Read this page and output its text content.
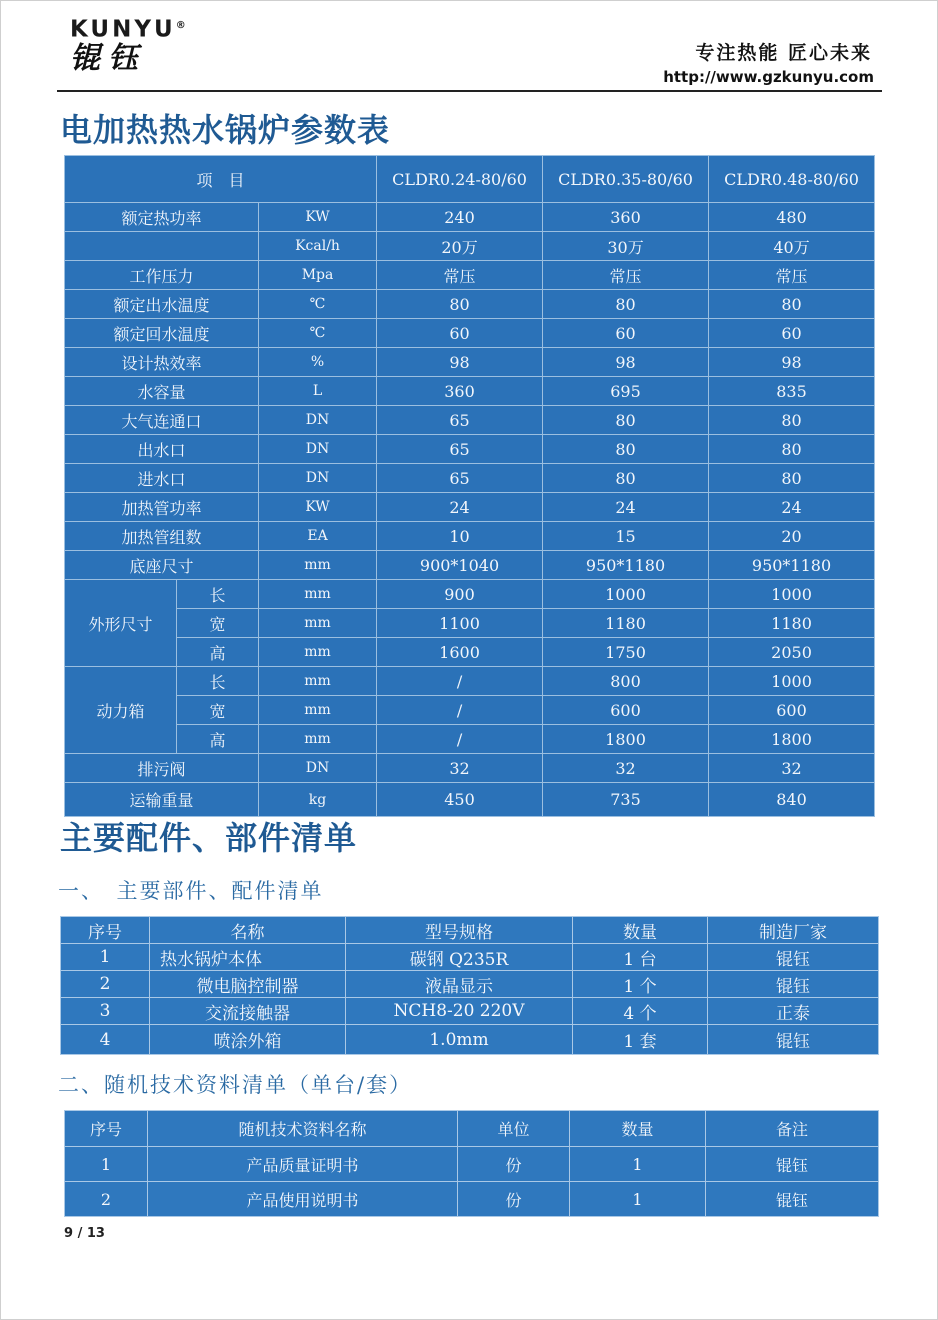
KUNYU®
锟钰	专注热能 匠心未来
http://www.gzkunyu.com
电加热热水锅炉参数表
项　目			CLDR0.24-80/60	CLDR0.35-80/60	CLDR0.48-80/60
额定热功率		KW	240	360	480
		Kcal/h	20万	30万	40万
工作压力		Mpa	常压	常压	常压
额定出水温度		℃	80	80	80
额定回水温度		℃	60	60	60
设计热效率		%	98	98	98
水容量		L	360	695	835
大气连通口		DN	65	80	80
出水口		DN	65	80	80
进水口		DN	65	80	80
加热管功率		KW	24	24	24
加热管组数		EA	10	15	20
底座尺寸		mm	900*1040	950*1180	950*1180
外形尺寸	长	mm	900	1000	1000
	宽	mm	1100	1180	1180
	高	mm	1600	1750	2050
动力箱	长	mm	/	800	1000
	宽	mm	/	600	600
	高	mm	/	1800	1800
排污阀		DN	32	32	32
运输重量		kg	450	735	840
主要配件、部件清单
一、　主要部件、配件清单
序号	名称	型号规格	数量	制造厂家
1	热水锅炉本体	碳钢 Q235R	1 台	锟钰
2	微电脑控制器	液晶显示	1 个	锟钰
3	交流接触器	NCH8-20 220V	4 个	正泰
4	喷涂外箱	1.0mm	1 套	锟钰
二、随机技术资料清单（单台/套）
序号	随机技术资料名称	单位	数量	备注
1	产品质量证明书	份	1	锟钰
2	产品使用说明书	份	1	锟钰
9 / 13
